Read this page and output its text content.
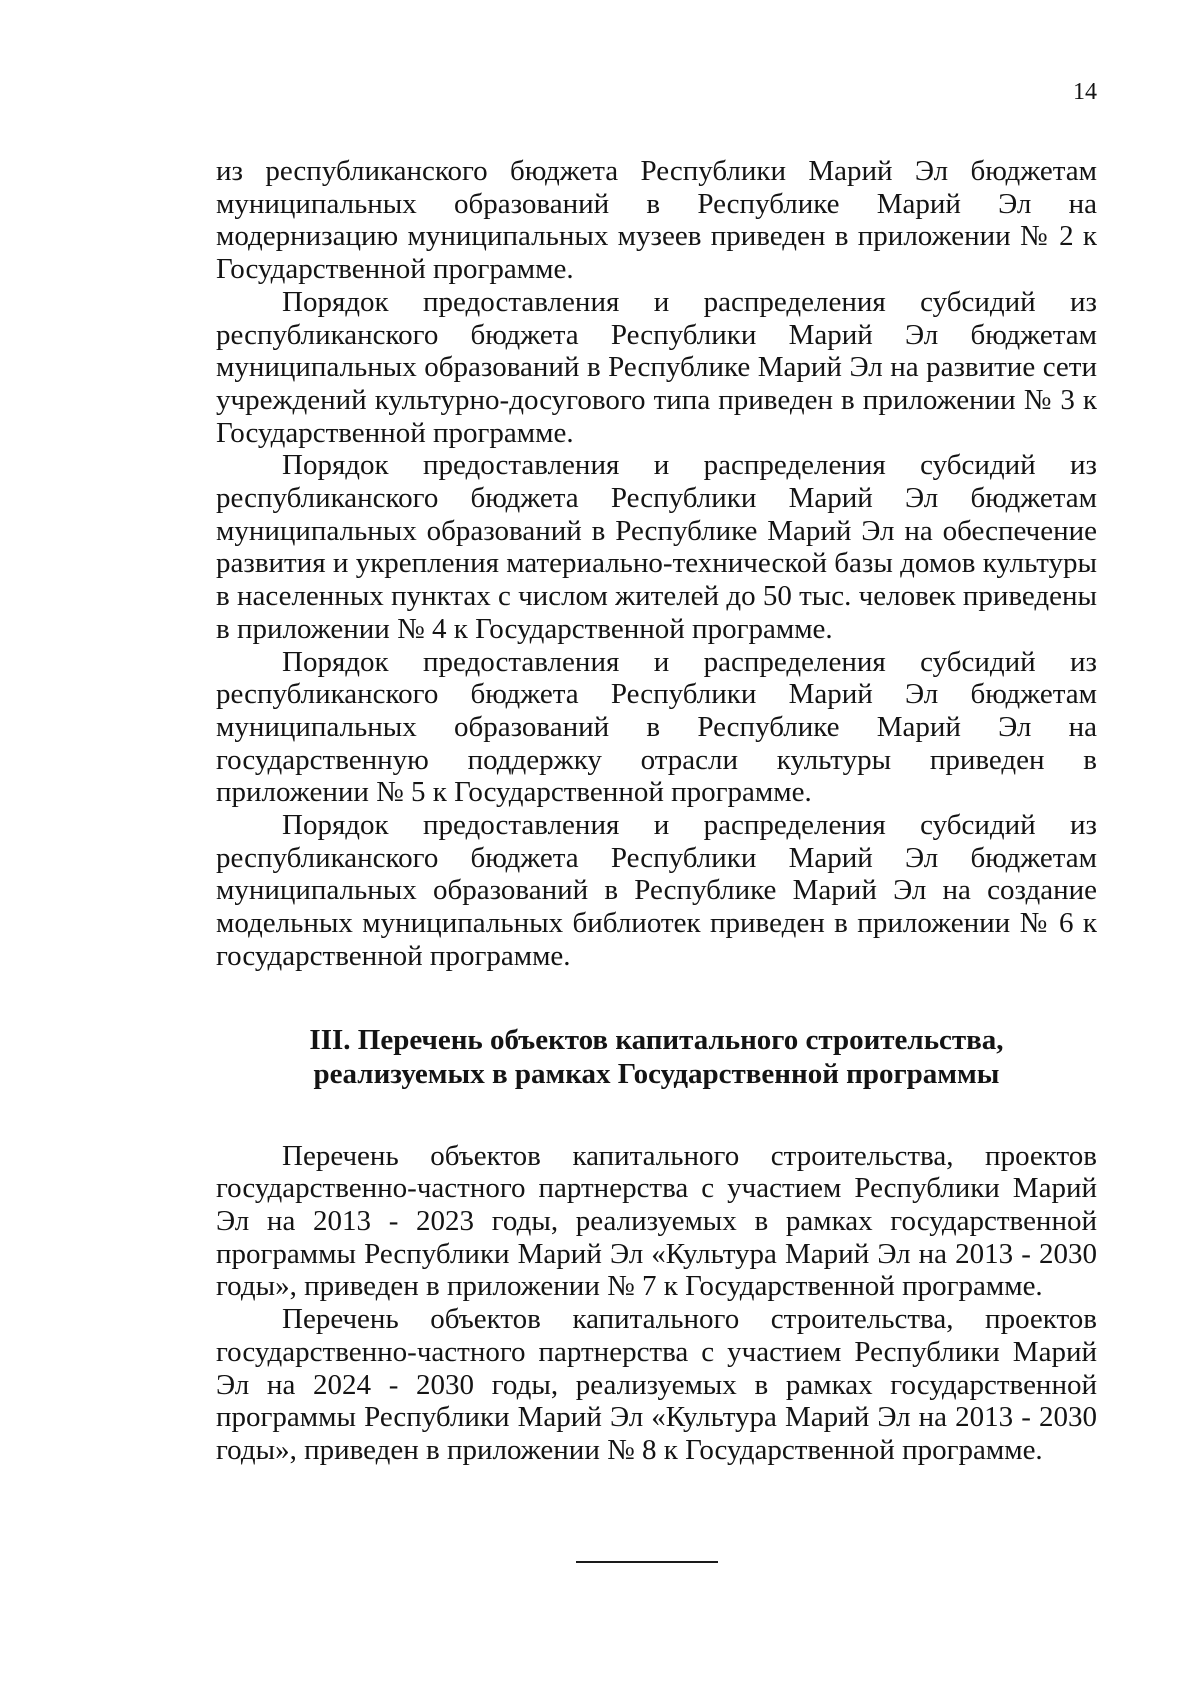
14

из республиканского бюджета Республики Марий Эл бюджетам муниципальных образований в Республике Марий Эл на модернизацию муниципальных музеев приведен в приложении № 2 к Государственной программе.

Порядок предоставления и распределения субсидий из республиканского бюджета Республики Марий Эл бюджетам муниципальных образований в Республике Марий Эл на развитие сети учреждений культурно-досугового типа приведен в приложении № 3 к Государственной программе.

Порядок предоставления и распределения субсидий из республиканского бюджета Республики Марий Эл бюджетам муниципальных образований в Республике Марий Эл на обеспечение развития и укрепления материально-технической базы домов культуры в населенных пунктах с числом жителей до 50 тыс. человек приведены в приложении № 4 к Государственной программе.

Порядок предоставления и распределения субсидий из республиканского бюджета Республики Марий Эл бюджетам муниципальных образований в Республике Марий Эл на государственную поддержку отрасли культуры приведен в приложении № 5 к Государственной программе.

Порядок предоставления и распределения субсидий из республиканского бюджета Республики Марий Эл бюджетам муниципальных образований в Республике Марий Эл на создание модельных муниципальных библиотек приведен в приложении № 6 к государственной программе.

III. Перечень объектов капитального строительства,
реализуемых в рамках Государственной программы

Перечень объектов капитального строительства, проектов государственно-частного партнерства с участием Республики Марий Эл на 2013 - 2023 годы, реализуемых в рамках государственной программы Республики Марий Эл «Культура Марий Эл на 2013 - 2030 годы», приведен в приложении № 7 к Государственной программе.

Перечень объектов капитального строительства, проектов государственно-частного партнерства с участием Республики Марий Эл на 2024 - 2030 годы, реализуемых в рамках государственной программы Республики Марий Эл «Культура Марий Эл на 2013 - 2030 годы», приведен в приложении № 8 к Государственной программе.
